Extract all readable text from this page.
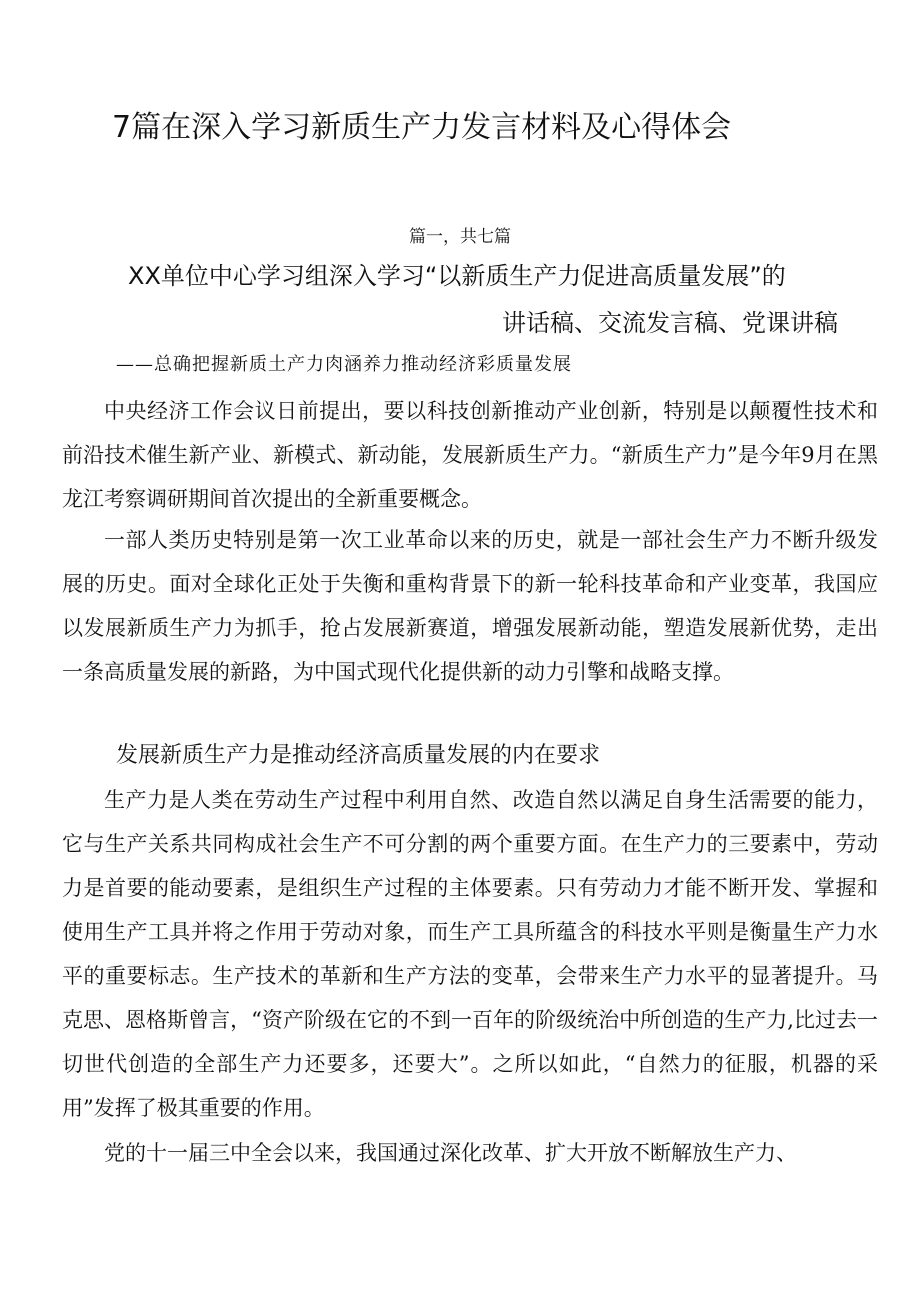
7篇在深入学习新质生产力发言材料及心得体会

篇一，共七篇

XX单位中心学习组深入学习“以新质生产力促进高质量发展”的

讲话稿、交流发言稿、党课讲稿

——总确把握新质土产力肉涵养力推动经济彩质量发展

中央经济工作会议日前提出，要以科技创新推动产业创新，特别是以颠覆性技术和前沿技术催生新产业、新模式、新动能，发展新质生产力。“新质生产力”是今年9月在黑龙江考察调研期间首次提出的全新重要概念。

一部人类历史特别是第一次工业革命以来的历史，就是一部社会生产力不断升级发展的历史。面对全球化正处于失衡和重构背景下的新一轮科技革命和产业变革，我国应以发展新质生产力为抓手，抢占发展新赛道，增强发展新动能，塑造发展新优势，走出一条高质量发展的新路，为中国式现代化提供新的动力引擎和战略支撑。

发展新质生产力是推动经济高质量发展的内在要求

生产力是人类在劳动生产过程中利用自然、改造自然以满足自身生活需要的能力，它与生产关系共同构成社会生产不可分割的两个重要方面。在生产力的三要素中，劳动力是首要的能动要素，是组织生产过程的主体要素。只有劳动力才能不断开发、掌握和使用生产工具并将之作用于劳动对象，而生产工具所蕴含的科技水平则是衡量生产力水平的重要标志。生产技术的革新和生产方法的变革，会带来生产力水平的显著提升。马克思、恩格斯曾言，“资产阶级在它的不到一百年的阶级统治中所创造的生产力,比过去一切世代创造的全部生产力还要多，还要大”。之所以如此，“自然力的征服，机器的采用”发挥了极其重要的作用。

党的十一届三中全会以来，我国通过深化改革、扩大开放不断解放生产力、
